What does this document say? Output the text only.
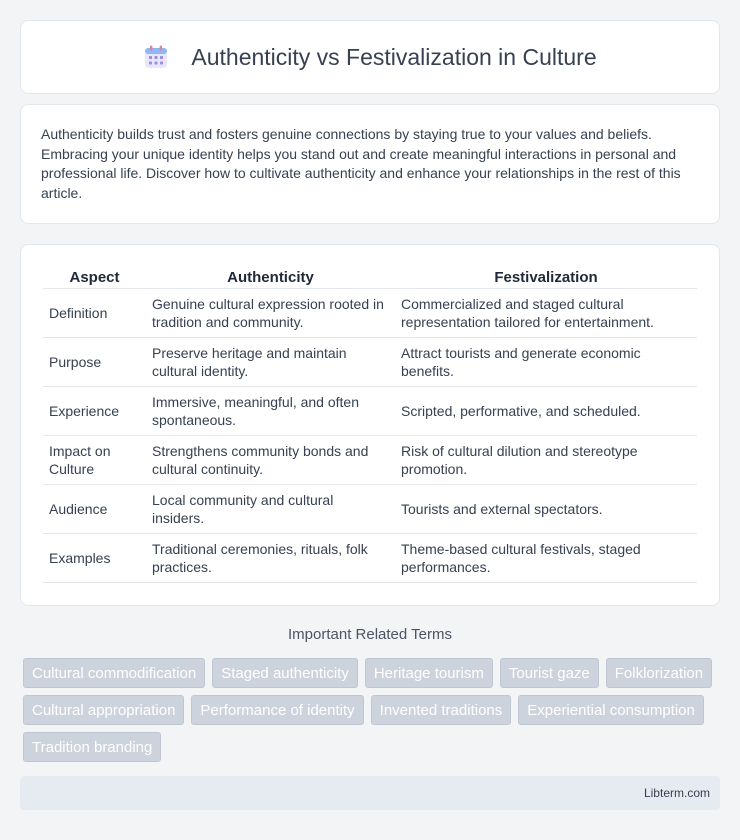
Authenticity vs Festivalization in Culture

Authenticity builds trust and fosters genuine connections by staying true to your values and beliefs. Embracing your unique identity helps you stand out and create meaningful interactions in personal and professional life. Discover how to cultivate authenticity and enhance your relationships in the rest of this article.

Aspect	Authenticity	Festivalization
Definition	Genuine cultural expression rooted in tradition and community.	Commercialized and staged cultural representation tailored for entertainment.
Purpose	Preserve heritage and maintain cultural identity.	Attract tourists and generate economic benefits.
Experience	Immersive, meaningful, and often spontaneous.	Scripted, performative, and scheduled.
Impact on Culture	Strengthens community bonds and cultural continuity.	Risk of cultural dilution and stereotype promotion.
Audience	Local community and cultural insiders.	Tourists and external spectators.
Examples	Traditional ceremonies, rituals, folk practices.	Theme-based cultural festivals, staged performances.
Important Related Terms
Cultural commodification	Staged authenticity	Heritage tourism	Tourist gaze	Folklorization
Cultural appropriation	Performance of identity	Invented traditions	Experiential consumption
Tradition branding
Libterm.com
